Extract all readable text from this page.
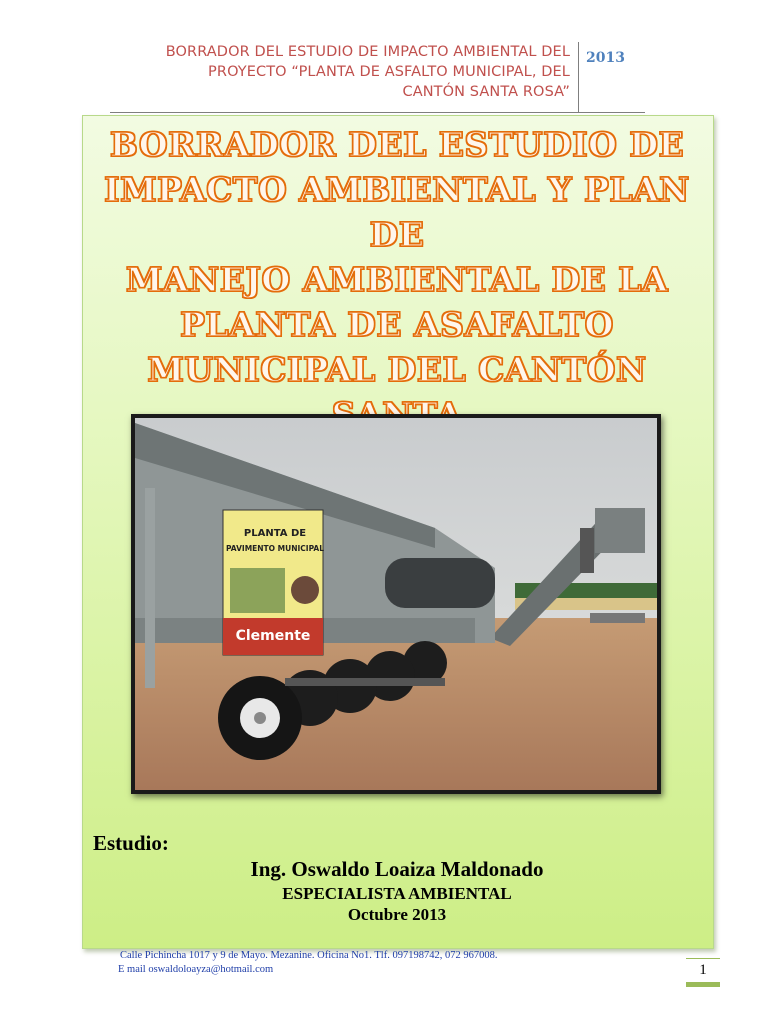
BORRADOR DEL ESTUDIO DE IMPACTO AMBIENTAL DEL
PROYECTO “PLANTA DE ASFALTO MUNICIPAL, DEL
CANTÓN SANTA ROSA”
2013
BORRADOR DEL ESTUDIO DE
IMPACTO AMBIENTAL Y PLAN DE
MANEJO AMBIENTAL DE LA
PLANTA DE ASAFALTO
MUNICIPAL DEL CANTÓN
PLANTA DE
PAVIMENTO MUNICIPAL
Clemente
Estudio:
Ing. Oswaldo Loaiza Maldonado
ESPECIALISTA AMBIENTAL
Octubre 2013
Calle Pichincha 1017 y 9 de Mayo. Mezanine. Oficina No1. Tlf. 097198742, 072 967008.
E mail oswaldoloayza@hotmail.com	1
